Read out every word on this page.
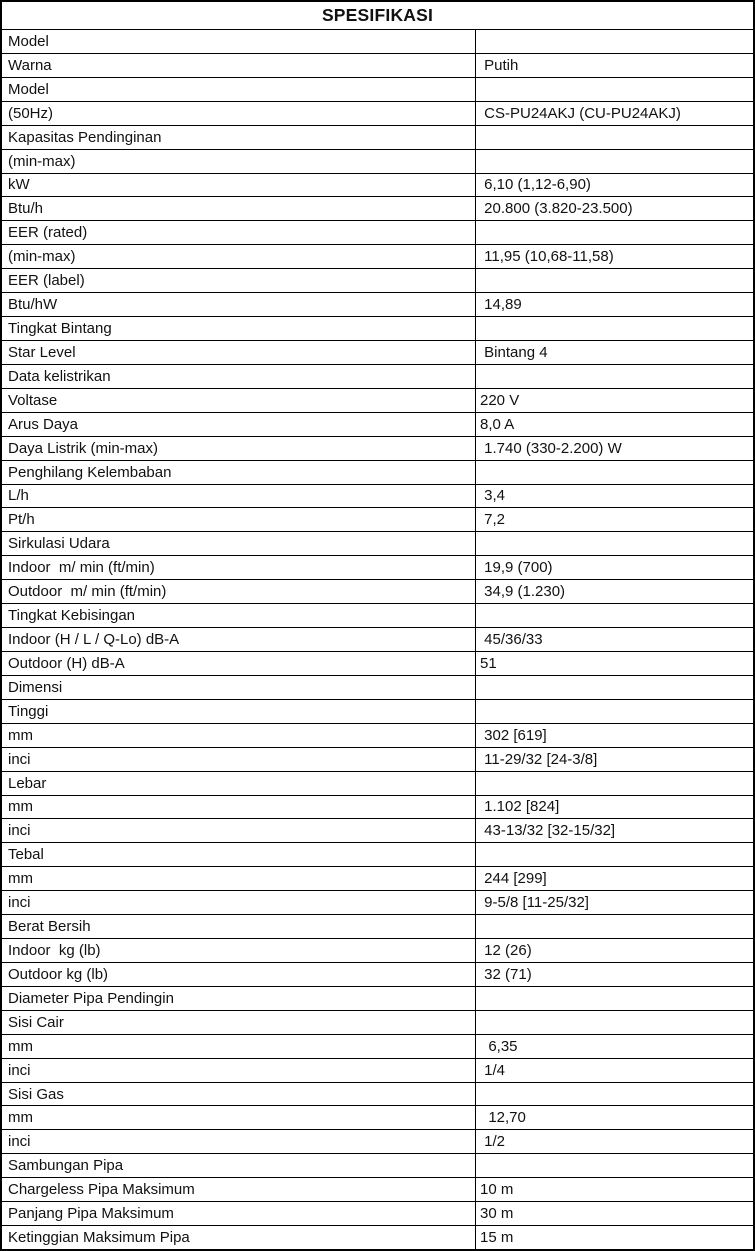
SPESIFIKASI
Model
Warna	Putih
Model
(50Hz)	CS-PU24AKJ (CU-PU24AKJ)
Kapasitas Pendinginan
(min-max)
kW	6,10 (1,12-6,90)
Btu/h	20.800 (3.820-23.500)
EER (rated)
(min-max)	11,95 (10,68-11,58)
EER (label)
Btu/hW	14,89
Tingkat Bintang
Star Level	Bintang 4
Data kelistrikan
Voltase	220 V
Arus Daya	8,0 A
Daya Listrik (min-max)	1.740 (330-2.200) W
Penghilang Kelembaban
L/h	3,4
Pt/h	7,2
Sirkulasi Udara
Indoor  m/ min (ft/min)	19,9 (700)
Outdoor  m/ min (ft/min)	34,9 (1.230)
Tingkat Kebisingan
Indoor (H / L / Q-Lo) dB-A	45/36/33
Outdoor (H) dB-A	51
Dimensi
Tinggi
mm	302 [619]
inci	11-29/32 [24-3/8]
Lebar
mm	1.102 [824]
inci	43-13/32 [32-15/32]
Tebal
mm	244 [299]
inci	9-5/8 [11-25/32]
Berat Bersih
Indoor  kg (lb)	12 (26)
Outdoor kg (lb)	32 (71)
Diameter Pipa Pendingin
Sisi Cair
mm	6,35
inci	1/4
Sisi Gas
mm	12,70
inci	1/2
Sambungan Pipa
Chargeless Pipa Maksimum	10 m
Panjang Pipa Maksimum	30 m
Ketinggian Maksimum Pipa	15 m
